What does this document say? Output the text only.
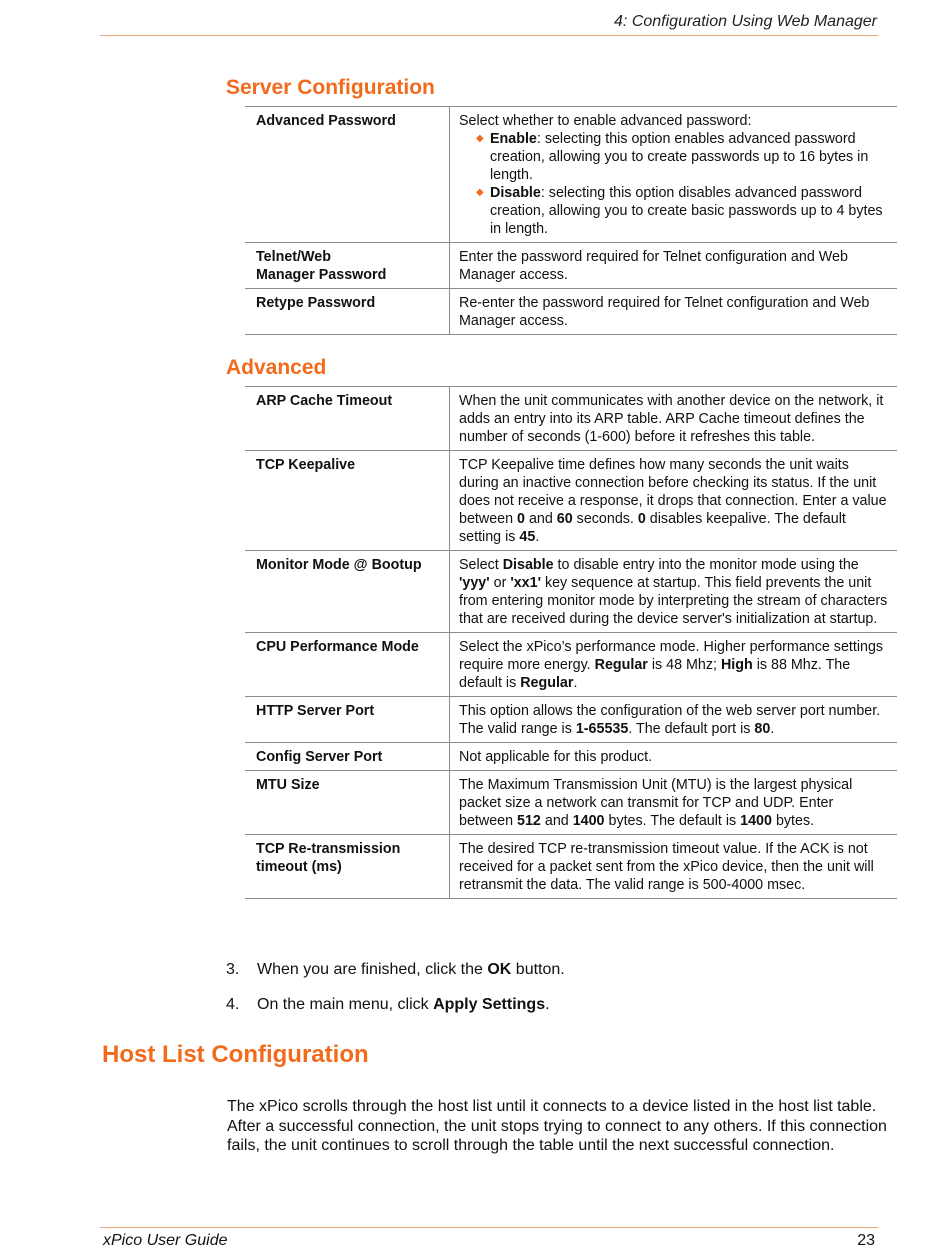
4: Configuration Using Web Manager
Server Configuration
Advanced Password	Select whether to enable advanced password:
◆ Enable: selecting this option enables advanced password creation, allowing you to create passwords up to 16 bytes in length.
◆ Disable: selecting this option disables advanced password creation, allowing you to create basic passwords up to 4 bytes in length.

Telnet/Web
Manager Password	Enter the password required for Telnet configuration and Web Manager access.
Retype Password	Re-enter the password required for Telnet configuration and Web Manager access.
Advanced
ARP Cache Timeout	When the unit communicates with another device on the network, it adds an entry into its ARP table. ARP Cache timeout defines the number of seconds (1-600) before it refreshes this table.
TCP Keepalive	TCP Keepalive time defines how many seconds the unit waits during an inactive connection before checking its status. If the unit does not receive a response, it drops that connection. Enter a value between 0 and 60 seconds. 0 disables keepalive. The default setting is 45.
Monitor Mode @ Bootup	Select Disable to disable entry into the monitor mode using the 'yyy' or 'xx1' key sequence at startup. This field prevents the unit from entering monitor mode by interpreting the stream of characters that are received during the device server's initialization at startup.
CPU Performance Mode	Select the xPico’s performance mode. Higher performance settings require more energy. Regular is 48 Mhz; High is 88 Mhz. The default is Regular.
HTTP Server Port	This option allows the configuration of the web server port number. The valid range is 1-65535. The default port is 80.
Config Server Port	Not applicable for this product.
MTU Size	The Maximum Transmission Unit (MTU) is the largest physical packet size a network can transmit for TCP and UDP. Enter between 512 and 1400 bytes. The default is 1400 bytes.
TCP Re-transmission
timeout (ms)	The desired TCP re-transmission timeout value. If the ACK is not received for a packet sent from the xPico device, then the unit will retransmit the data. The valid range is 500-4000 msec.
3. When you are finished, click the OK button.
4. On the main menu, click Apply Settings.
Host List Configuration

The xPico scrolls through the host list until it connects to a device listed in the host list table. After a successful connection, the unit stops trying to connect to any others. If this connection fails, the unit continues to scroll through the table until the next successful connection.

xPico User Guide	23
